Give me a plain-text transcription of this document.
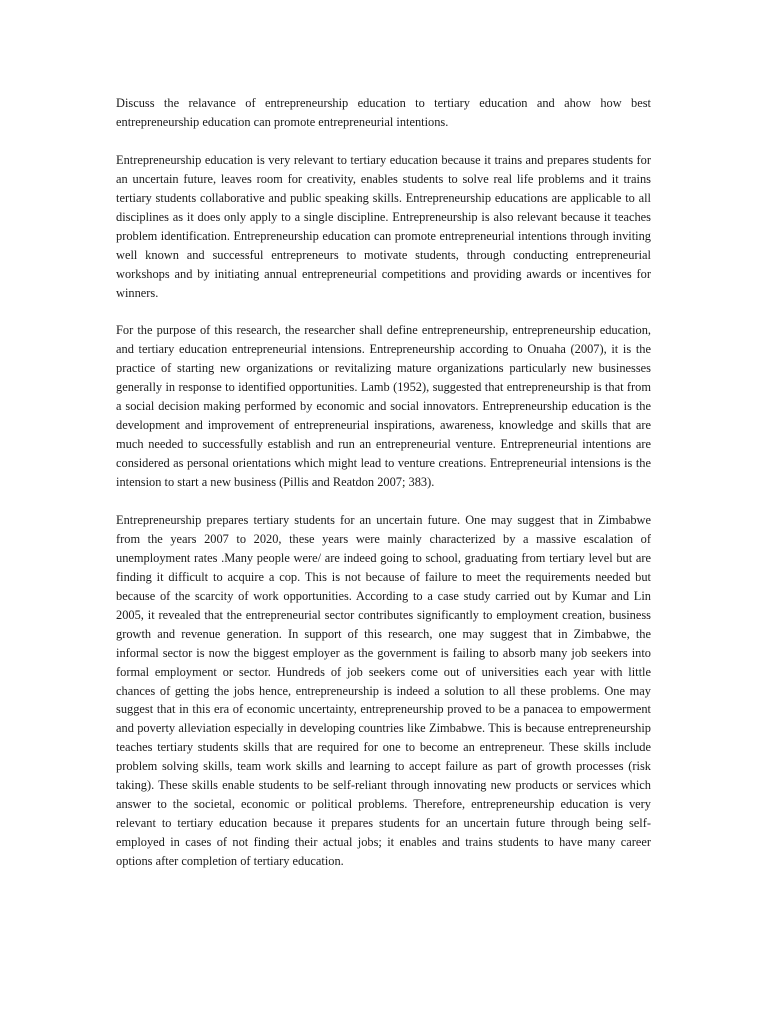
Discuss the relavance of entrepreneurship education to tertiary education and ahow how best entrepreneurship education can promote entrepreneurial intentions.

Entrepreneurship education is very relevant to tertiary education because it trains and prepares students for an uncertain future, leaves room for creativity, enables students to solve real life problems and it trains tertiary students collaborative and public speaking skills. Entrepreneurship educations are applicable to all disciplines as it does only apply to a single discipline. Entrepreneurship is also relevant because it teaches problem identification. Entrepreneurship education can promote entrepreneurial intentions through inviting well known and successful entrepreneurs to motivate students, through conducting entrepreneurial workshops and by initiating annual entrepreneurial competitions and providing awards or incentives for winners.

For the purpose of this research, the researcher shall define entrepreneurship, entrepreneurship education, and tertiary education entrepreneurial intensions. Entrepreneurship according to Onuaha (2007), it is the practice of starting new organizations or revitalizing mature organizations particularly new businesses generally in response to identified opportunities. Lamb (1952), suggested that entrepreneurship is that from a social decision making performed by economic and social innovators. Entrepreneurship education is the development and improvement of entrepreneurial inspirations, awareness, knowledge and skills that are much needed to successfully establish and run an entrepreneurial venture. Entrepreneurial intentions are considered as personal orientations which might lead to venture creations. Entrepreneurial intensions is the intension to start a new business (Pillis and Reatdon 2007; 383).

Entrepreneurship prepares tertiary students for an uncertain future. One may suggest that in Zimbabwe from the years 2007 to 2020, these years were mainly characterized by a massive escalation of unemployment rates .Many people were/ are indeed going to school, graduating from tertiary level but are finding it difficult to acquire a cop. This is not because of failure to meet the requirements needed but because of the scarcity of work opportunities. According to a case study carried out by Kumar and Lin 2005, it revealed that the entrepreneurial sector contributes significantly to employment creation, business growth and revenue generation. In support of this research, one may suggest that in Zimbabwe, the informal sector is now the biggest employer as the government is failing to absorb many job seekers into formal employment or sector. Hundreds of job seekers come out of universities each year with little chances of getting the jobs hence, entrepreneurship is indeed a solution to all these problems. One may suggest that in this era of economic uncertainty, entrepreneurship proved to be a panacea to empowerment and poverty alleviation especially in developing countries like Zimbabwe. This is because entrepreneurship teaches tertiary students skills that are required for one to become an entrepreneur. These skills include problem solving skills, team work skills and learning to accept failure as part of growth processes (risk taking). These skills enable students to be self-reliant through innovating new products or services which answer to the societal, economic or political problems. Therefore, entrepreneurship education is very relevant to tertiary education because it prepares students for an uncertain future through being self-employed in cases of not finding their actual jobs; it enables and trains students to have many career options after completion of tertiary education.
